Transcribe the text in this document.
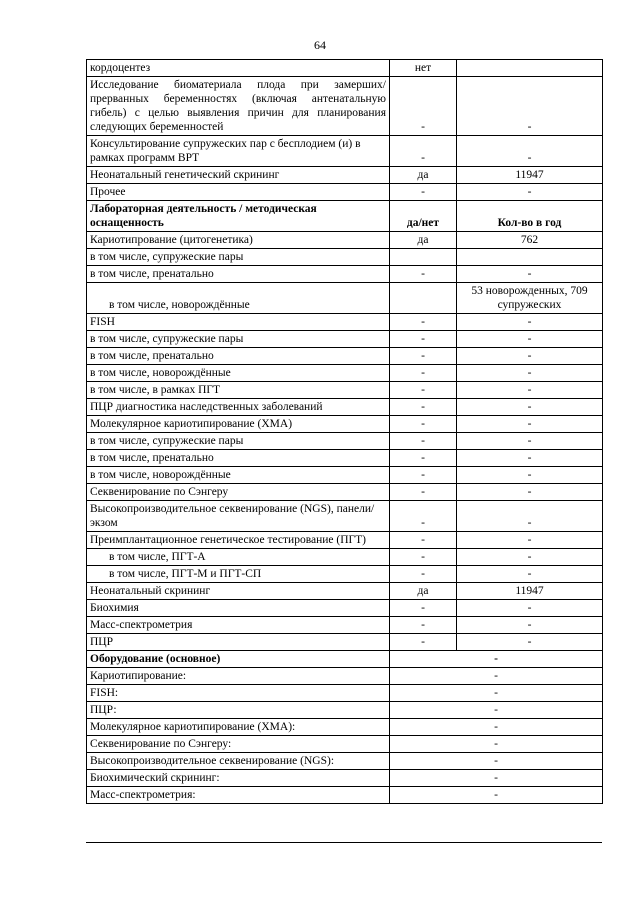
64
кордоцентез	нет	
Исследование биоматериала плода при замерших/прерванных беременностях (включая антенатальную гибель) с целью выявления причин для планирования следующих беременностей	-	-
Консультирование супружеских пар с бесплодием (и) в рамках программ ВРТ	-	-
Неонатальный генетический скрининг	да	11947
Прочее	-	-
Лабораторная деятельность / методическая оснащенность	да/нет	Кол-во в год
Кариотипрование (цитогенетика)	да	762
в том числе, супружеские пары		
в том числе, пренатально	-	-
в том числе, новорождённые		53 новорожденных, 709 супружеских
FISH	-	-
в том числе, супружеские пары	-	-
в том числе, пренатально	-	-
в том числе, новорождённые	-	-
в том числе, в рамках ПГТ	-	-
ПЦР диагностика наследственных заболеваний	-	-
Молекулярное кариотипирование (ХМА)	-	-
в том числе, супружеские пары	-	-
в том числе, пренатально	-	-
в том числе, новорождённые	-	-
Секвенирование по Сэнгеру	-	-
Высокопроизводительное секвенирование (NGS), панели/экзом	-	-
Преимплантационное генетическое тестирование (ПГТ)	-	-
в том числе, ПГТ-А	-	-
в том числе, ПГТ-М и ПГТ-СП	-	-
Неонатальный скрининг	да	11947
Биохимия	-	-
Масс-спектрометрия	-	-
ПЦР	-	-
Оборудование (основное)	-	
Кариотипирование:	-	
FISH:	-	
ПЦР:	-	
Молекулярное кариотипирование (ХМА):	-	
Секвенирование по Сэнгеру:	-	
Высокопроизводительное секвенирование (NGS):	-	
Биохимический скрининг:	-	
Масс-спектрометрия:	-	
